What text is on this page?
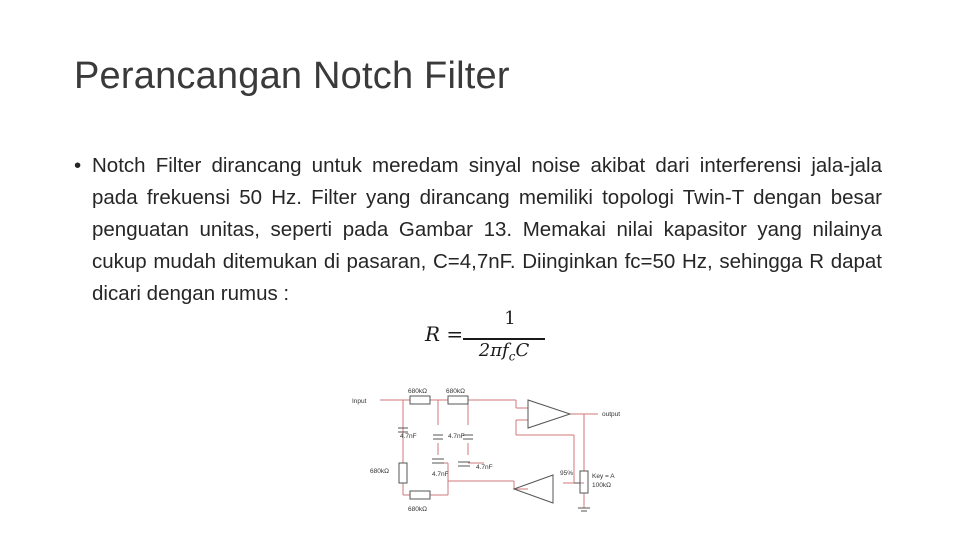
Perancangan Notch Filter
• Notch Filter dirancang untuk meredam sinyal noise akibat dari interferensi jala-jala pada frekuensi 50 Hz. Filter yang dirancang memiliki topologi Twin-T dengan besar penguatan unitas, seperti pada Gambar 13. Memakai nilai kapasitor yang nilainya cukup mudah ditemukan di pasaran, C=4,7nF. Diinginkan fc=50 Hz, sehingga R dapat dicari dengan rumus :
R =
1
$2\pi f_cC$
Input
output
680kΩ	680kΩ
4.7nF	4.7nF
680kΩ	4.7nF
4.7nF
680kΩ
95%	Key = A
100kΩ
